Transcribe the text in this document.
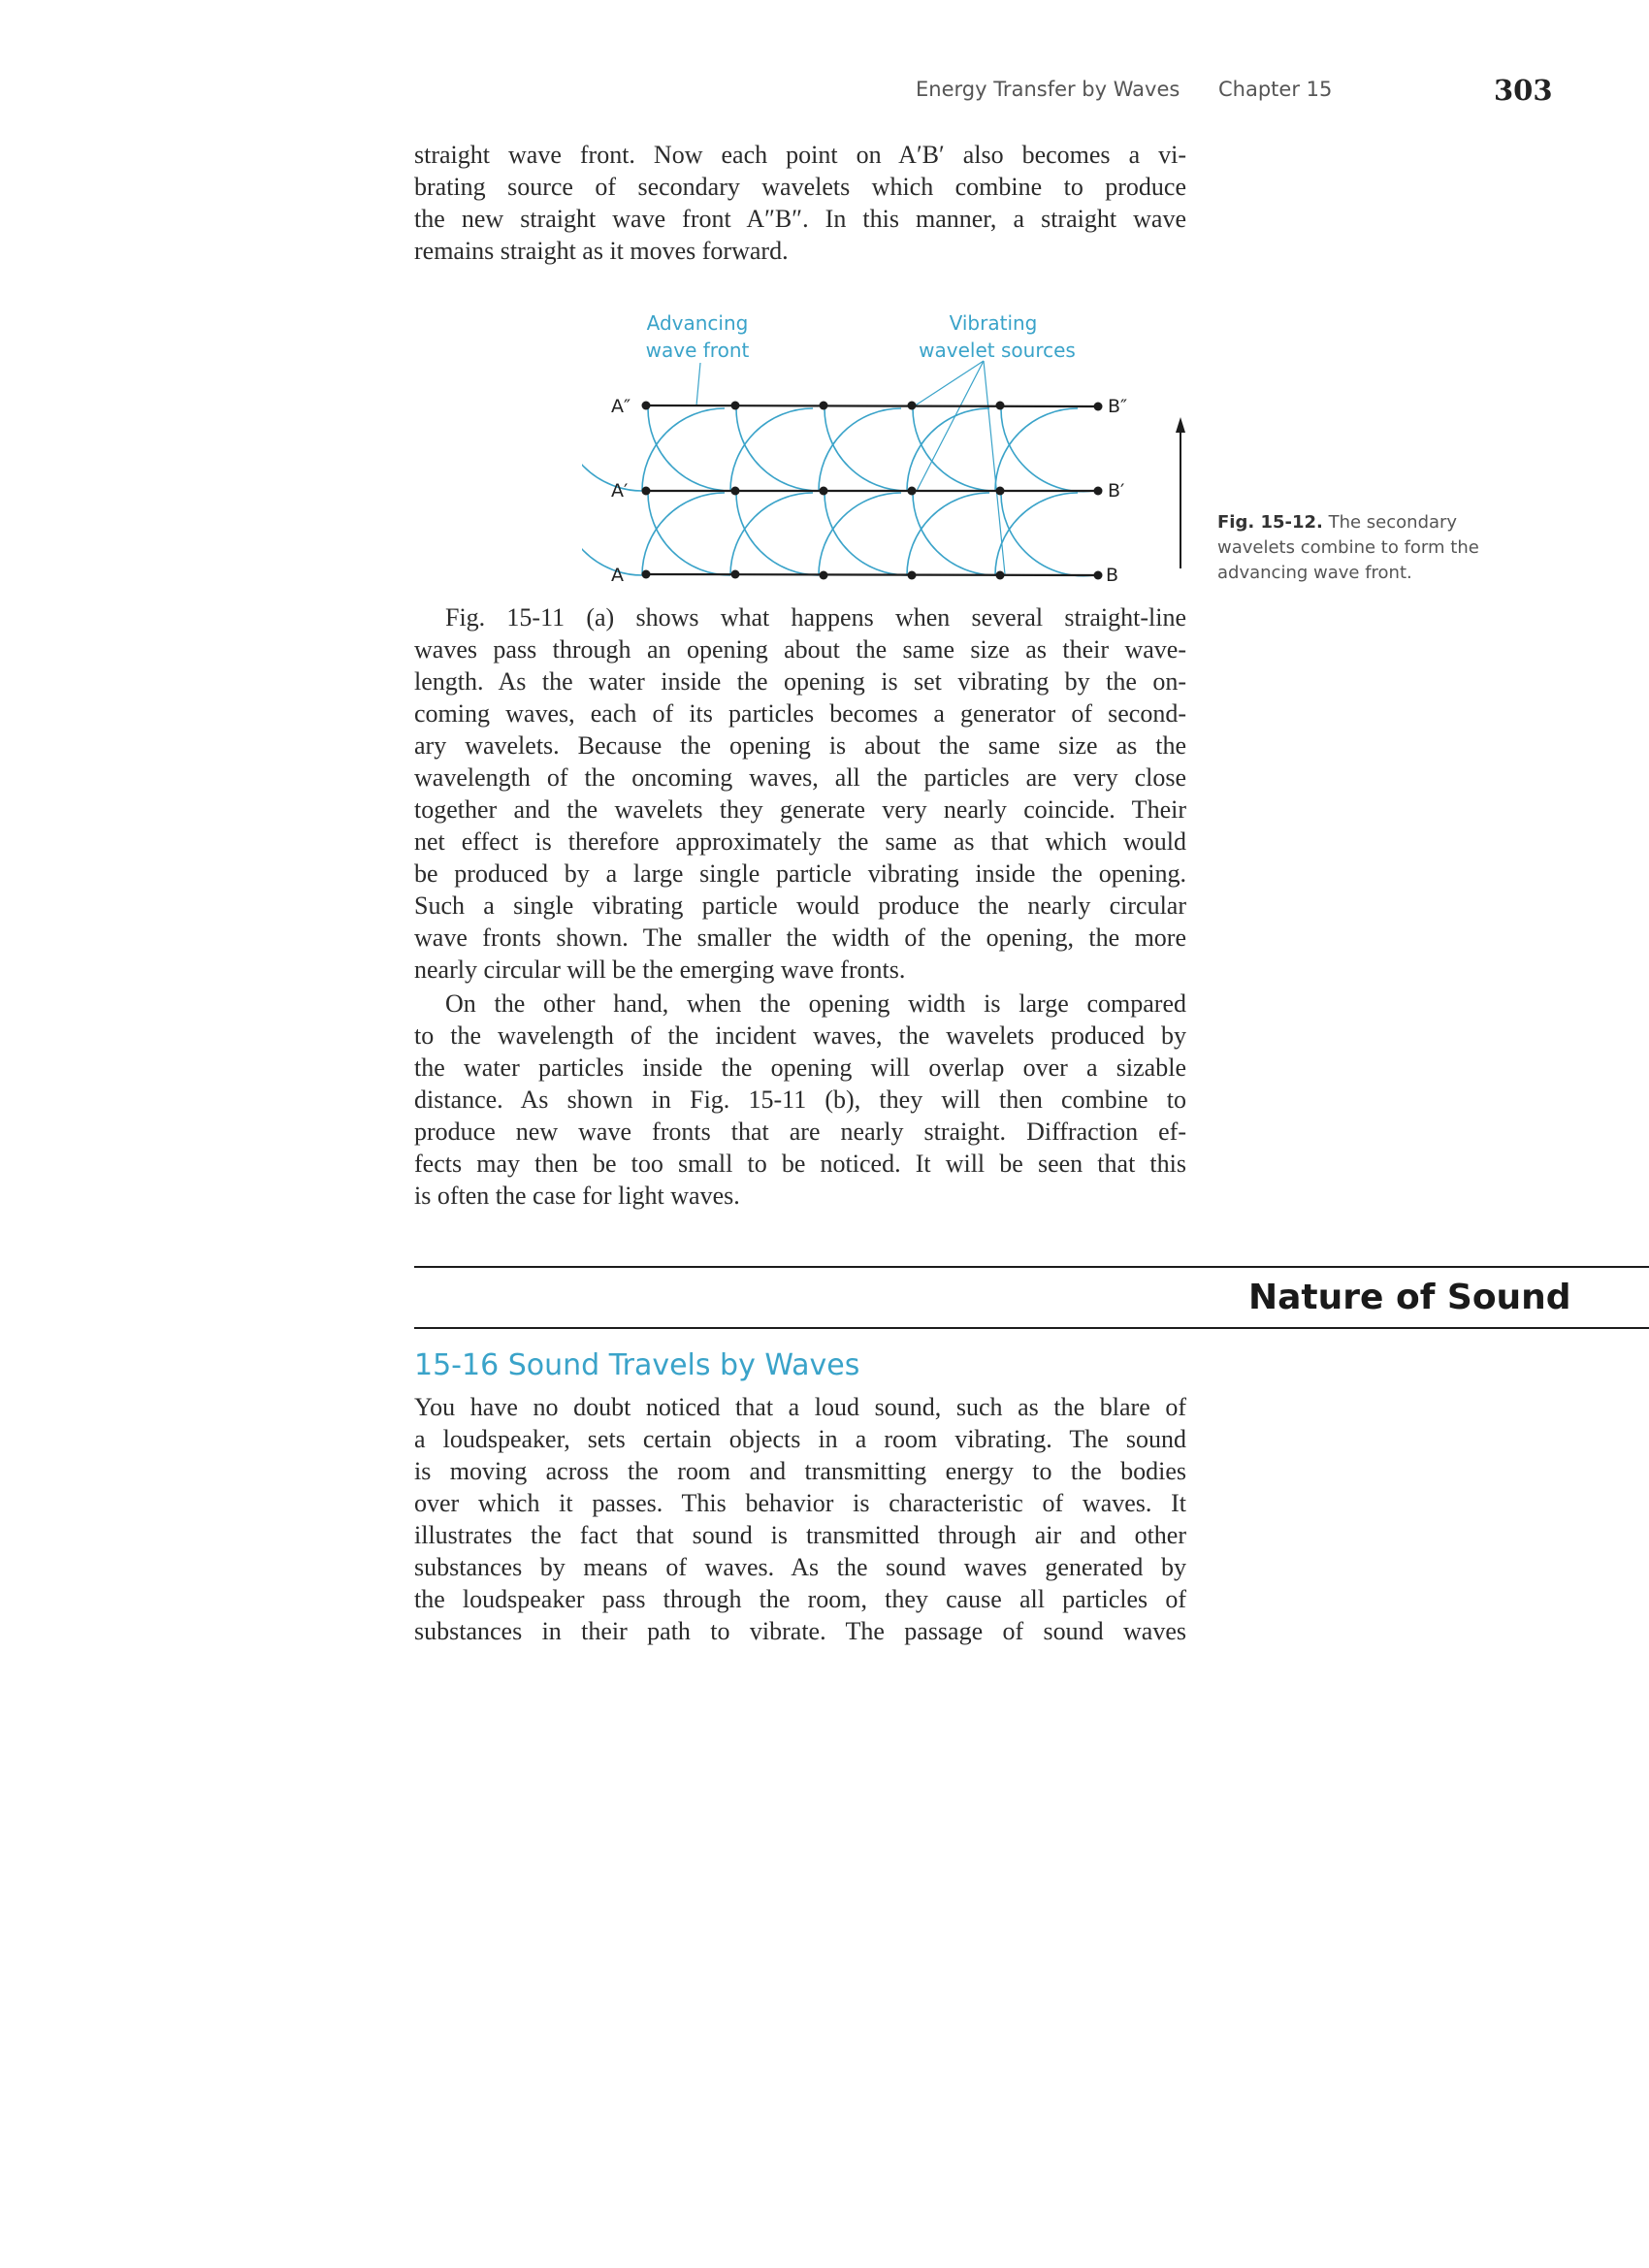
Energy Transfer by Waves Chapter 15	303

straight wave front. Now each point on A′B′ also becomes a vi-

brating source of secondary wavelets which combine to produce

the new straight wave front A″B″. In this manner, a straight wave

remains straight as it moves forward.

Advancing
wave front
Vibrating
wavelet sources
A″
A′
A
B″
B′
B
Fig. 15-12. The secondary
wavelets combine to form the
advancing wave front.

Fig. 15-11 (a) shows what happens when several straight-line

waves pass through an opening about the same size as their wave-

length. As the water inside the opening is set vibrating by the on-

coming waves, each of its particles becomes a generator of second-

ary wavelets. Because the opening is about the same size as the

wavelength of the oncoming waves, all the particles are very close

together and the wavelets they generate very nearly coincide. Their

net effect is therefore approximately the same as that which would

be produced by a large single particle vibrating inside the opening.

Such a single vibrating particle would produce the nearly circular

wave fronts shown. The smaller the width of the opening, the more

nearly circular will be the emerging wave fronts.

On the other hand, when the opening width is large compared

to the wavelength of the incident waves, the wavelets produced by

the water particles inside the opening will overlap over a sizable

distance. As shown in Fig. 15-11 (b), they will then combine to

produce new wave fronts that are nearly straight. Diffraction ef-

fects may then be too small to be noticed. It will be seen that this

is often the case for light waves.

Nature of Sound
15-16 Sound Travels by Waves

You have no doubt noticed that a loud sound, such as the blare of

a loudspeaker, sets certain objects in a room vibrating. The sound

is moving across the room and transmitting energy to the bodies

over which it passes. This behavior is characteristic of waves. It

illustrates the fact that sound is transmitted through air and other

substances by means of waves. As the sound waves generated by

the loudspeaker pass through the room, they cause all particles of

substances in their path to vibrate. The passage of sound waves
